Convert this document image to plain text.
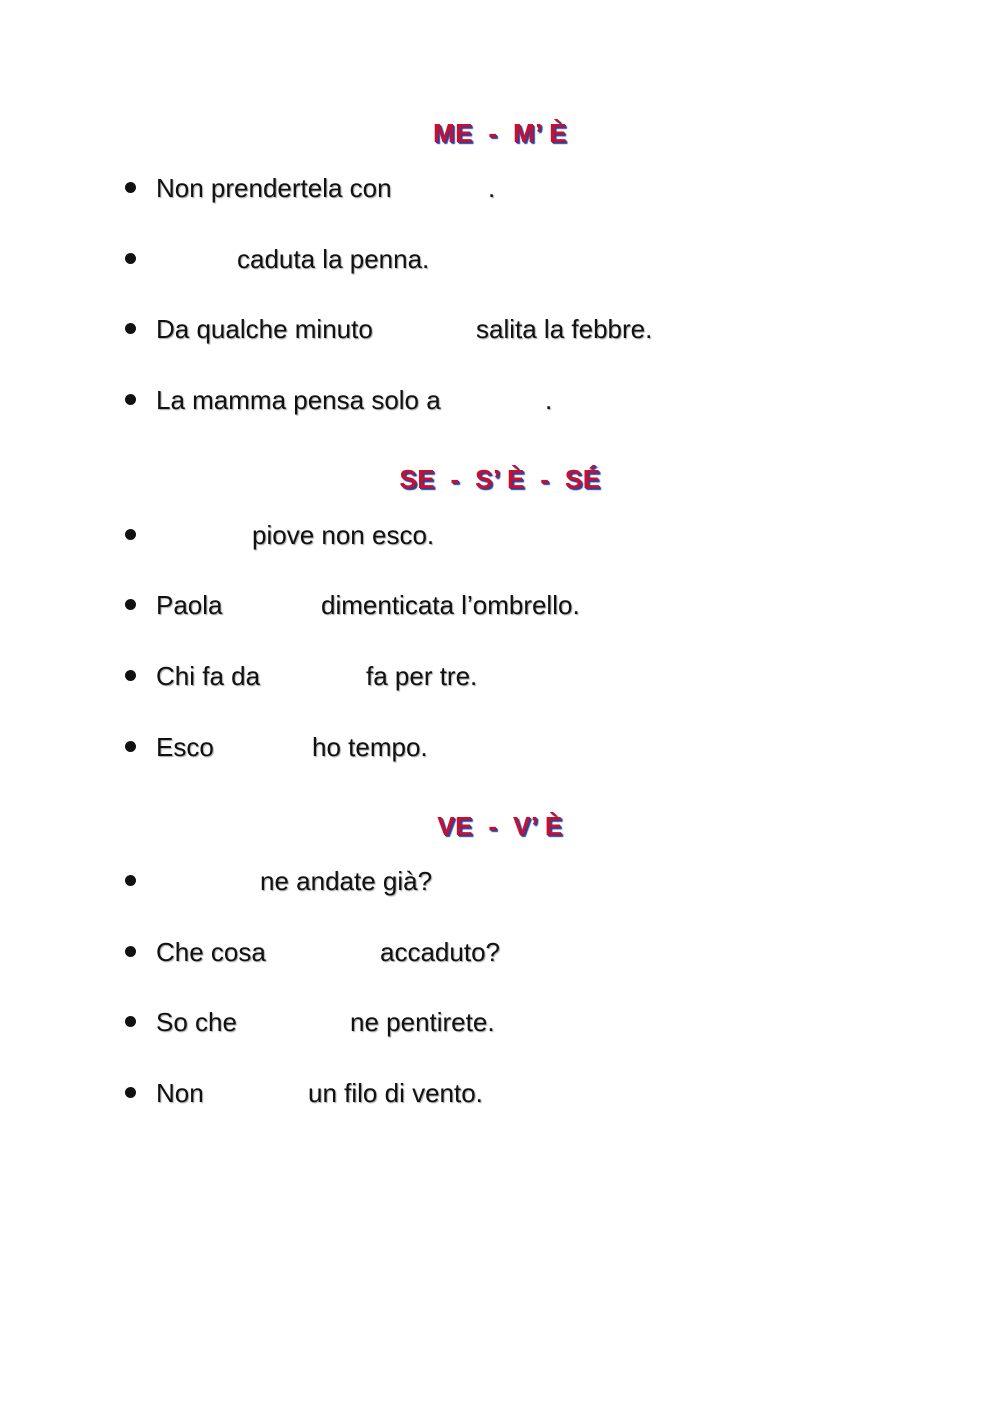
ME  -  M’ È
Non prendertela con	.
caduta la penna.
Da qualche minuto	salita la febbre.
La mamma pensa solo a	.
SE  -  S’ È  -  SÉ
piove non esco.
Paola	dimenticata l’ombrello.
Chi fa da	fa per tre.
Esco	ho tempo.
VE  -  V’ È
ne andate già?
Che cosa	accaduto?
So che	ne pentirete.
Non	un filo di vento.
